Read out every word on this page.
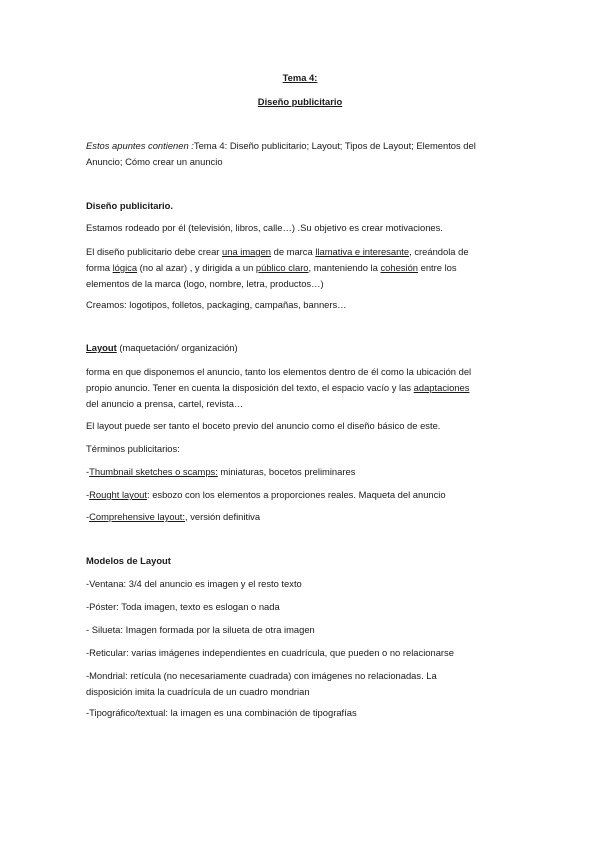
Tema 4:
Diseño publicitario
Estos apuntes contienen :Tema 4: Diseño publicitario; Layout; Tipos de Layout; Elementos del
Anuncio; Cómo crear un anuncio
Diseño publicitario.
Estamos rodeado por él (televisión, libros, calle…) .Su objetivo es crear motivaciones.
El diseño publicitario debe crear una imagen de marca llamativa e interesante, creándola de
forma lógica (no al azar) , y dirigida a un público claro, manteniendo la cohesión entre los
elementos de la marca (logo, nombre, letra, productos…)
Creamos: logotipos, folletos, packaging, campañas, banners…
Layout (maquetación/ organización)
forma en que disponemos el anuncio, tanto los elementos dentro de él como la ubicación del
propio anuncio. Tener en cuenta la disposición del texto, el espacio vacío y las adaptaciones
del anuncio a prensa, cartel, revista…
El layout puede ser tanto el boceto previo del anuncio como el diseño básico de este.
Términos publicitarios:
-Thumbnail sketches o scamps: miniaturas, bocetos preliminares
-Rought layout: esbozo con los elementos a proporciones reales. Maqueta del anuncio
-Comprehensive layout:, versión definitiva
Modelos de Layout
-Ventana: 3/4 del anuncio es imagen y el resto texto
-Póster: Toda imagen, texto es eslogan o nada
- Silueta: Imagen formada por la silueta de otra imagen
-Reticular: varias imágenes independientes en cuadrícula, que pueden o no relacionarse
-Mondrial: retícula (no necesariamente cuadrada) con imágenes no relacionadas. La
disposición imita la cuadrícula de un cuadro mondrian
-Tipográfico/textual: la imagen es una combinación de tipografías
